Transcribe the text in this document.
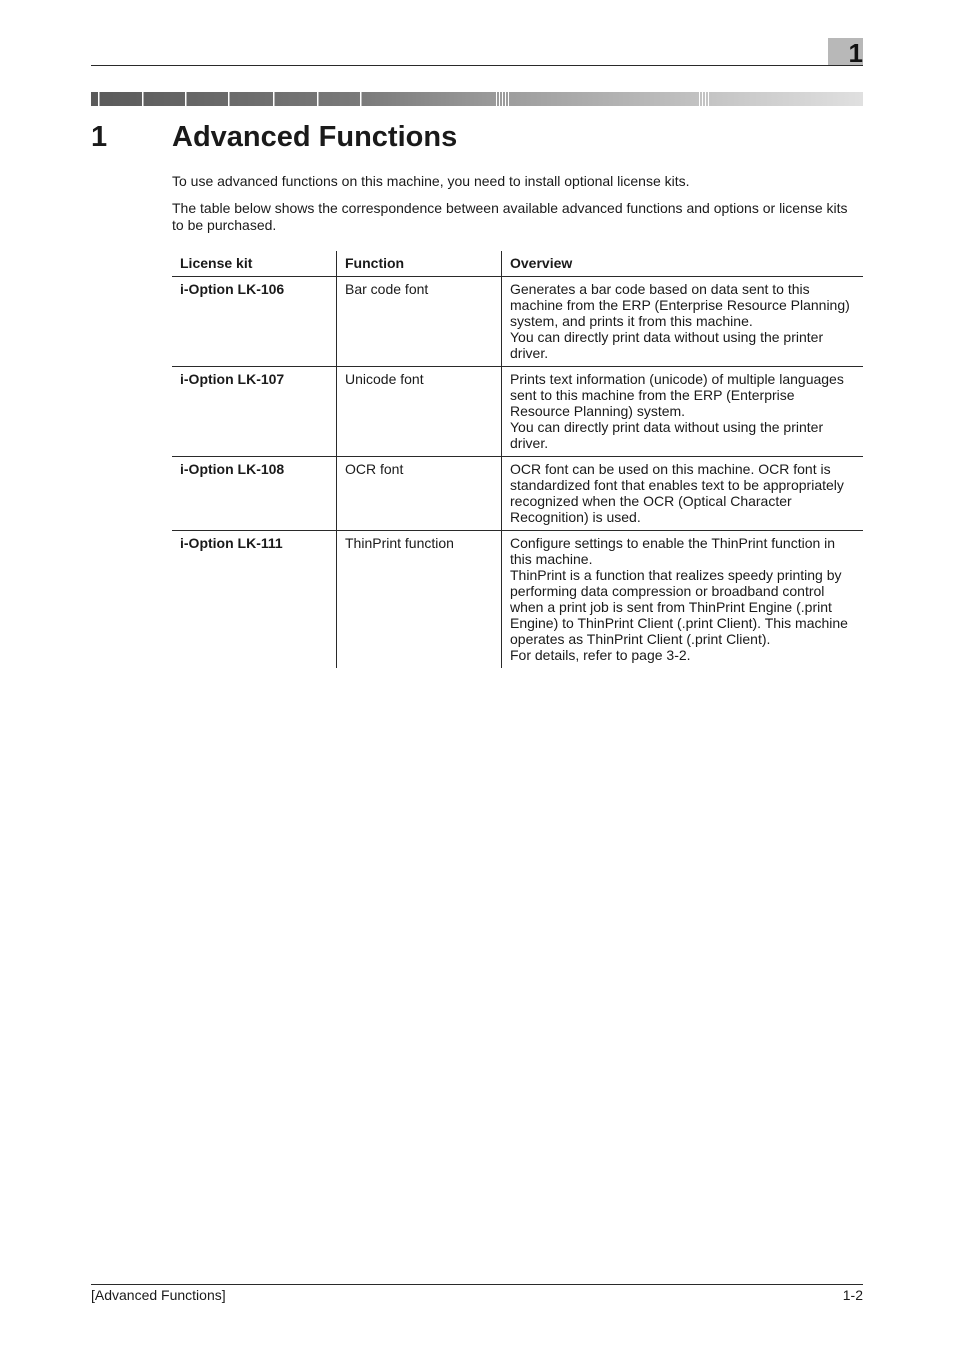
1
1 Advanced Functions

To use advanced functions on this machine, you need to install optional license kits.

The table below shows the correspondence between available advanced functions and options or license kits to be purchased.

License kit	Function	Overview
i-Option LK-106	Bar code font	Generates a bar code based on data sent to this machine from the ERP (Enterprise Resource Planning) system, and prints it from this machine.
You can directly print data without using the printer driver.

i-Option LK-107	Unicode font	Prints text information (unicode) of multiple languages sent to this machine from the ERP (Enterprise Resource Planning) system.
You can directly print data without using the printer driver.

i-Option LK-108	OCR font	OCR font can be used on this machine. OCR font is standardized font that enables text to be appropriately recognized when the OCR (Optical Character Recognition) is used.

i-Option LK-111	ThinPrint function	Configure settings to enable the ThinPrint function in this machine.
ThinPrint is a function that realizes speedy printing by performing data compression or broadband control when a print job is sent from ThinPrint Engine (.print Engine) to ThinPrint Client (.print Client). This machine operates as ThinPrint Client (.print Client).
For details, refer to page 3-2.
[Advanced Functions]	1-2
